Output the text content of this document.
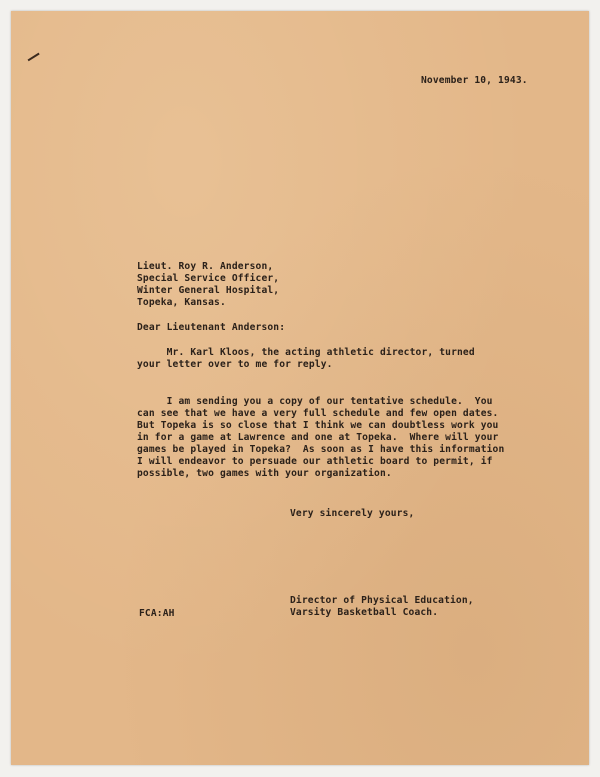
November 10, 1943.
Lieut. Roy R. Anderson,
Special Service Officer,
Winter General Hospital,
Topeka, Kansas.
Dear Lieutenant Anderson:
Mr. Karl Kloos, the acting athletic director, turned
your letter over to me for reply.
I am sending you a copy of our tentative schedule.  You
can see that we have a very full schedule and few open dates.
But Topeka is so close that I think we can doubtless work you
in for a game at Lawrence and one at Topeka.  Where will your
games be played in Topeka?  As soon as I have this information
I will endeavor to persuade our athletic board to permit, if
possible, two games with your organization.
Very sincerely yours,
Director of Physical Education,
Varsity Basketball Coach.
FCA:AH
